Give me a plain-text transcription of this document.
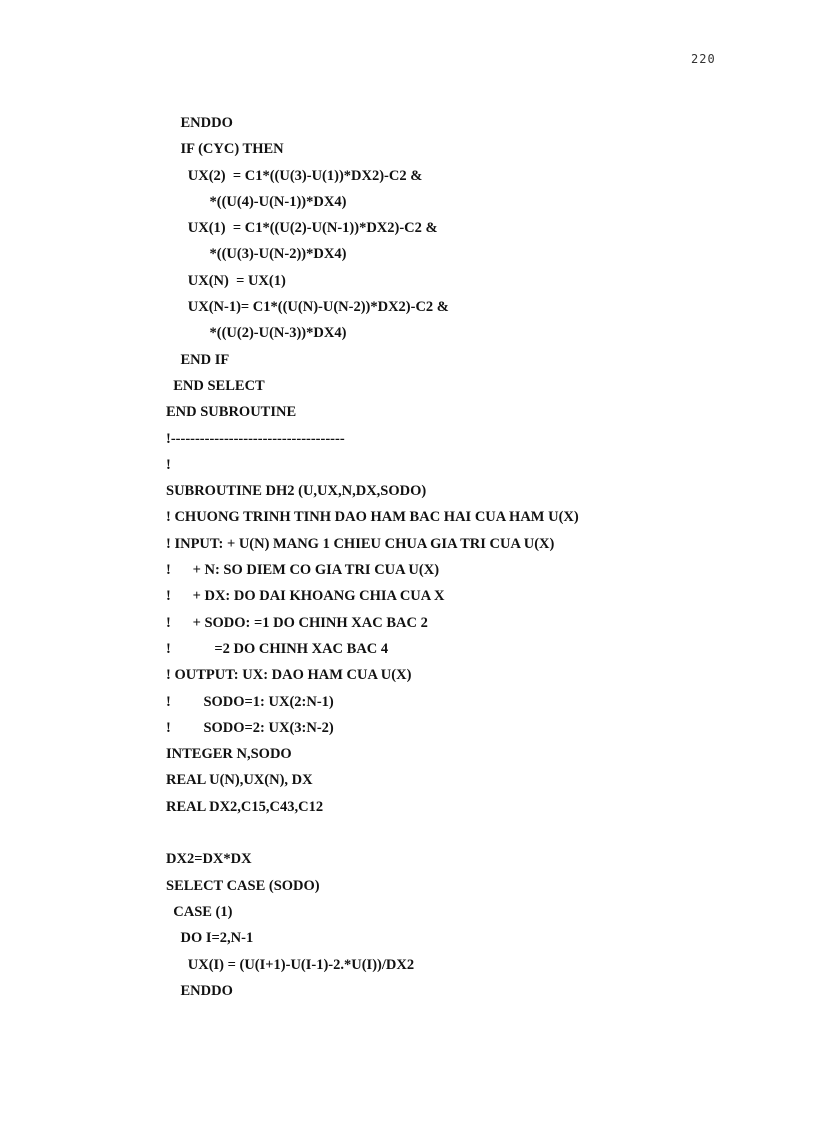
220
ENDDO
IF (CYC) THEN
UX(2)  = C1*((U(3)-U(1))*DX2)-C2 &
*((U(4)-U(N-1))*DX4)
UX(1)  = C1*((U(2)-U(N-1))*DX2)-C2 &
*((U(3)-U(N-2))*DX4)
UX(N)  = UX(1)
UX(N-1)= C1*((U(N)-U(N-2))*DX2)-C2 &
*((U(2)-U(N-3))*DX4)
END IF
END SELECT
END SUBROUTINE
!------------------------------------
!
SUBROUTINE DH2 (U,UX,N,DX,SODO)
! CHUONG TRINH TINH DAO HAM BAC HAI CUA HAM U(X)
! INPUT: + U(N) MANG 1 CHIEU CHUA GIA TRI CUA U(X)
!      + N: SO DIEM CO GIA TRI CUA U(X)
!      + DX: DO DAI KHOANG CHIA CUA X
!      + SODO: =1 DO CHINH XAC BAC 2
!            =2 DO CHINH XAC BAC 4
! OUTPUT: UX: DAO HAM CUA U(X)
!         SODO=1: UX(2:N-1)
!         SODO=2: UX(3:N-2)
INTEGER N,SODO
REAL U(N),UX(N), DX
REAL DX2,C15,C43,C12
DX2=DX*DX
SELECT CASE (SODO)
CASE (1)
DO I=2,N-1
UX(I) = (U(I+1)-U(I-1)-2.*U(I))/DX2
ENDDO
